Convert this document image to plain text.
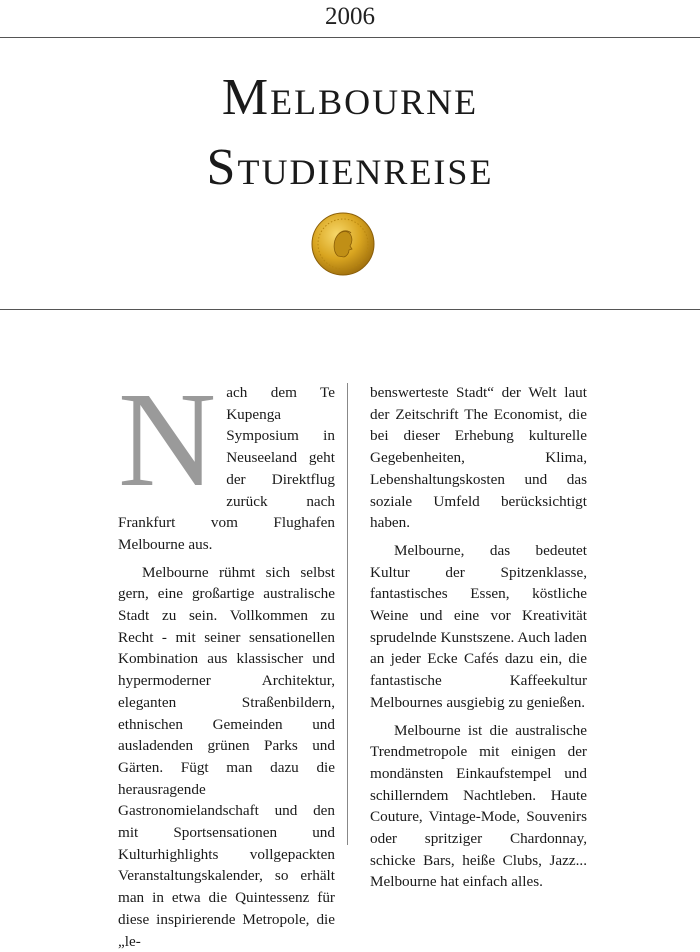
2006
Melbourne
Studienreise

Nach dem Te Kupenga Symposium in Neuseeland geht der Direktflug zurück nach Frankfurt vom Flughafen Melbourne aus.

Melbourne rühmt sich selbst gern, eine großartige australische Stadt zu sein. Vollkommen zu Recht - mit seiner sensationellen Kombination aus klassischer und hypermoderner Architektur, eleganten Straßenbildern, ethnischen Gemeinden und ausladenden grünen Parks und Gärten. Fügt man dazu die herausragende Gastronomielandschaft und den mit Sportsensationen und Kulturhighlights vollgepackten Veranstaltungskalender, so erhält man in etwa die Quintessenz für diese inspirierende Metropole, die „le-

benswerteste Stadt“ der Welt laut der Zeitschrift The Economist, die bei dieser Erhebung kulturelle Gegebenheiten, Klima, Lebenshaltungskosten und das soziale Umfeld berücksichtigt haben.

Melbourne, das bedeutet Kultur der Spitzenklasse, fantastisches Essen, köstliche Weine und eine vor Kreativität sprudelnde Kunstszene. Auch laden an jeder Ecke Cafés dazu ein, die fantastische Kaffeekultur Melbournes ausgiebig zu genießen.

Melbourne ist die australische Trendmetropole mit einigen der mondänsten Einkaufstempel und schillerndem Nachtleben. Haute Couture, Vintage-Mode, Souvenirs oder spritziger Chardonnay, schicke Bars, heiße Clubs, Jazz... Melbourne hat einfach alles.
